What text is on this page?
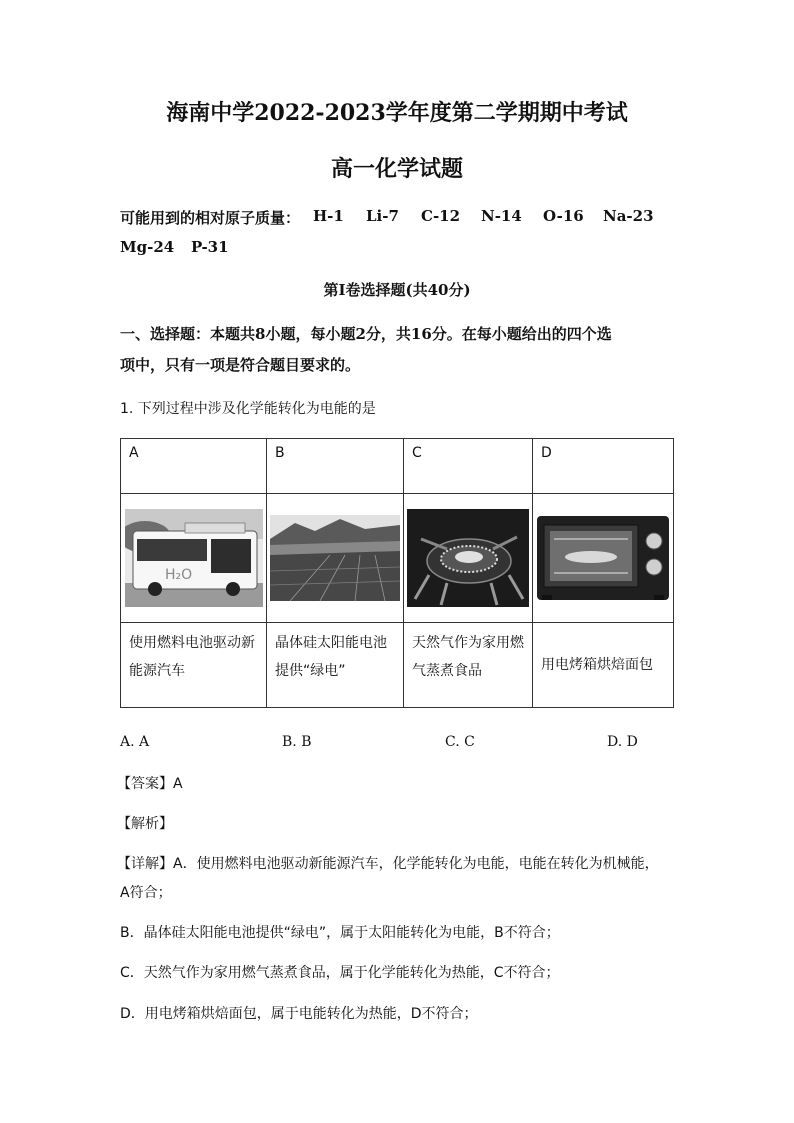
海南中学2022-2023学年度第二学期期中考试
高一化学试题
可能用到的相对原子质量： H-1 Li-7 C-12 N-14 O-16 Na-23
Mg-24 P-31
第I卷选择题(共40分)
一、选择题：本题共8小题，每小题2分，共16分。在每小题给出的四个选
项中，只有一项是符合题目要求的。
1. 下列过程中涉及化学能转化为电能的是
A	B	C	D

H₂O

使用燃料电池驱动新能源汽车	晶体硅太阳能电池提供“绿电”	天然气作为家用燃气蒸煮食品	用电烤箱烘焙面包
A. A	B. B	C. C	D. D
【答案】A
【解析】
【详解】A．使用燃料电池驱动新能源汽车，化学能转化为电能，电能在转化为机械能，
A符合；
B．晶体硅太阳能电池提供“绿电”，属于太阳能转化为电能，B不符合；
C．天然气作为家用燃气蒸煮食品，属于化学能转化为热能，C不符合；
D．用电烤箱烘焙面包，属于电能转化为热能，D不符合；
